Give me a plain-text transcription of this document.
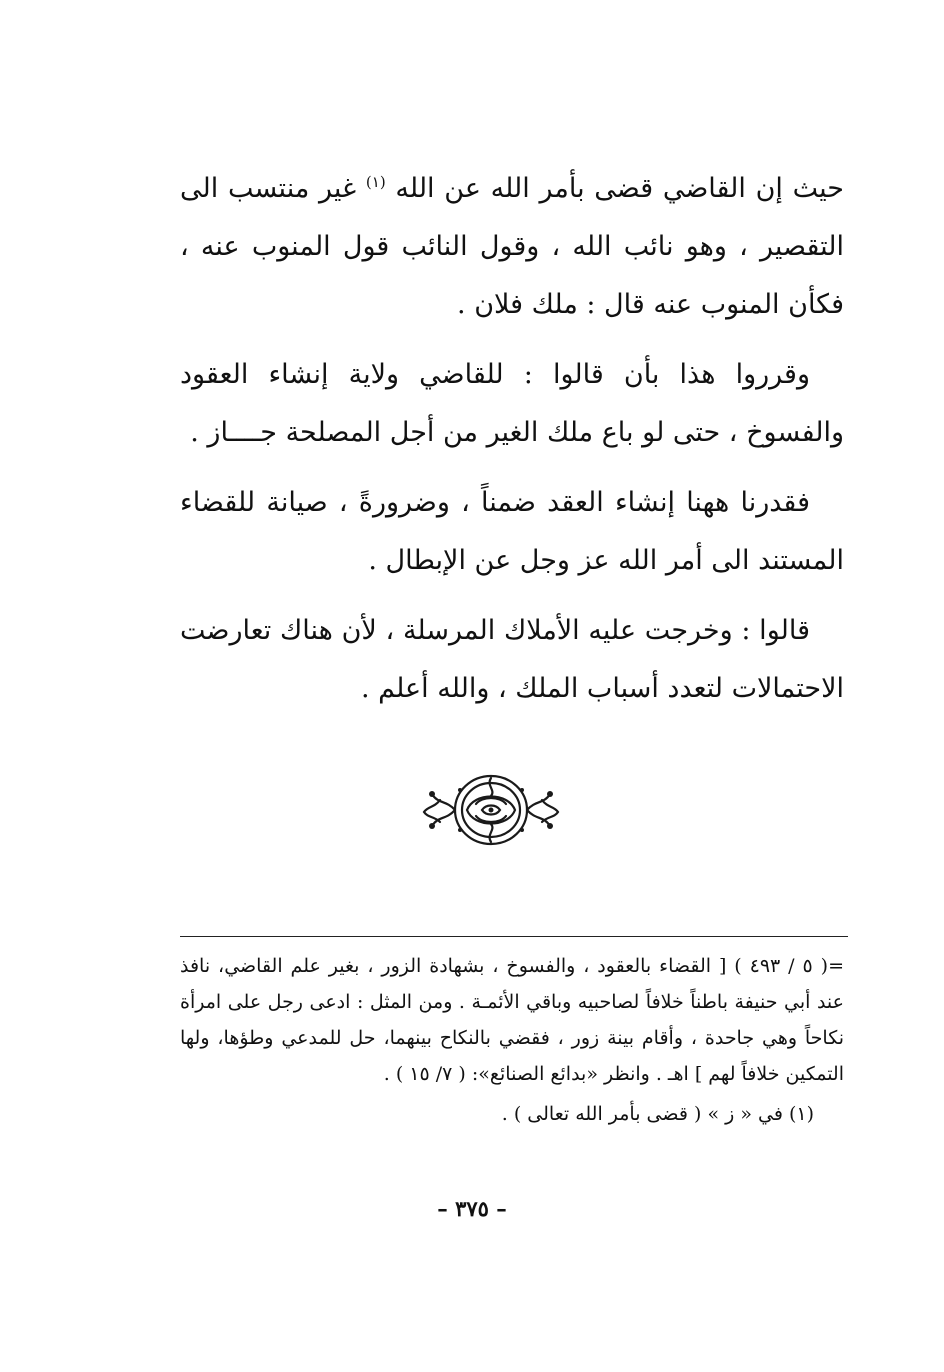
حيث إن القاضي قضى بأمر الله عن الله $^{(١)}$ غير منتسب الى التقصير ، وهو نائب الله ، وقول النائب قول المنوب عنه ، فكأن المنوب عنه قال : ملك فلان .

وقرروا هذا بأن قالوا : للقاضي ولاية إنشاء العقود والفسوخ ، حتى لو باع ملك الغير من أجل المصلحة جــــاز .

فقدرنا ههنا إنشاء العقد ضمناً ، وضرورةً ، صيانة للقضاء المستند الى أمر الله عز وجل عن الإبطال .

قالوا : وخرجت عليه الأملاك المرسلة ، لأن هناك تعارضت الاحتمالات لتعدد أسباب الملك ، والله أعلم .

=( ٥ / ٤٩٣ ) [ القضاء بالعقود ، والفسوخ ، بشهادة الزور ، بغير علم القاضي، نافذ عند أبي حنيفة باطناً خلافاً لصاحبيه وباقي الأئمـة . ومن المثل : ادعى رجل على امرأة نكاحاً وهي جاحدة ، وأقام بينة زور ، فقضي بالنكاح بينهما، حل للمدعي وطؤها، ولها التمكين خلافاً لهم ] اهـ . وانظر «بدائع الصنائع»: ( ٧/ ١٥ ) .

(١) في « ز » ( قضى بأمر الله تعالى ) .

– ٣٧٥ –
